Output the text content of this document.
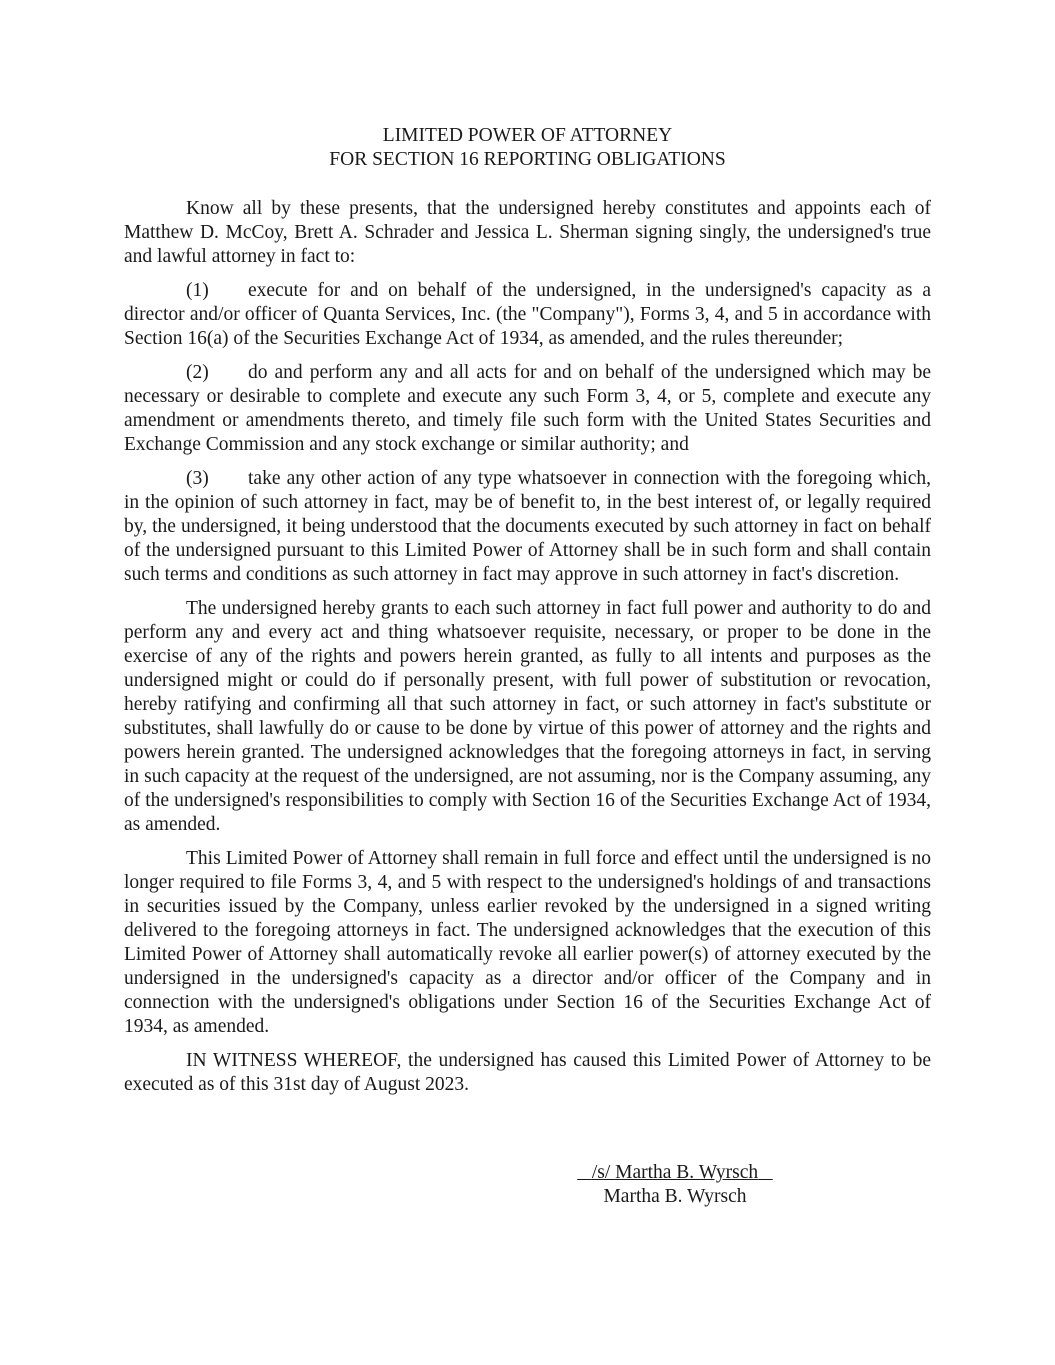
LIMITED POWER OF ATTORNEY
FOR SECTION 16 REPORTING OBLIGATIONS

Know all by these presents, that the undersigned hereby constitutes and appoints each of Matthew D. McCoy, Brett A. Schrader and Jessica L. Sherman signing singly, the undersigned's true and lawful attorney in fact to:

(1) execute for and on behalf of the undersigned, in the undersigned's capacity as a director and/or officer of Quanta Services, Inc. (the "Company"), Forms 3, 4, and 5 in accordance with Section 16(a) of the Securities Exchange Act of 1934, as amended, and the rules thereunder;

(2) do and perform any and all acts for and on behalf of the undersigned which may be necessary or desirable to complete and execute any such Form 3, 4, or 5, complete and execute any amendment or amendments thereto, and timely file such form with the United States Securities and Exchange Commission and any stock exchange or similar authority; and

(3) take any other action of any type whatsoever in connection with the foregoing which, in the opinion of such attorney in fact, may be of benefit to, in the best interest of, or legally required by, the undersigned, it being understood that the documents executed by such attorney in fact on behalf of the undersigned pursuant to this Limited Power of Attorney shall be in such form and shall contain such terms and conditions as such attorney in fact may approve in such attorney in fact's discretion.

The undersigned hereby grants to each such attorney in fact full power and authority to do and perform any and every act and thing whatsoever requisite, necessary, or proper to be done in the exercise of any of the rights and powers herein granted, as fully to all intents and purposes as the undersigned might or could do if personally present, with full power of substitution or revocation, hereby ratifying and confirming all that such attorney in fact, or such attorney in fact's substitute or substitutes, shall lawfully do or cause to be done by virtue of this power of attorney and the rights and powers herein granted. The undersigned acknowledges that the foregoing attorneys in fact, in serving in such capacity at the request of the undersigned, are not assuming, nor is the Company assuming, any of the undersigned's responsibilities to comply with Section 16 of the Securities Exchange Act of 1934, as amended.

This Limited Power of Attorney shall remain in full force and effect until the undersigned is no longer required to file Forms 3, 4, and 5 with respect to the undersigned's holdings of and transactions in securities issued by the Company, unless earlier revoked by the undersigned in a signed writing delivered to the foregoing attorneys in fact. The undersigned acknowledges that the execution of this Limited Power of Attorney shall automatically revoke all earlier power(s) of attorney executed by the undersigned in the undersigned's capacity as a director and/or officer of the Company and in connection with the undersigned's obligations under Section 16 of the Securities Exchange Act of 1934, as amended.

IN WITNESS WHEREOF, the undersigned has caused this Limited Power of Attorney to be executed as of this 31st day of August 2023.

/s/ Martha B. Wyrsch
Martha B. Wyrsch
